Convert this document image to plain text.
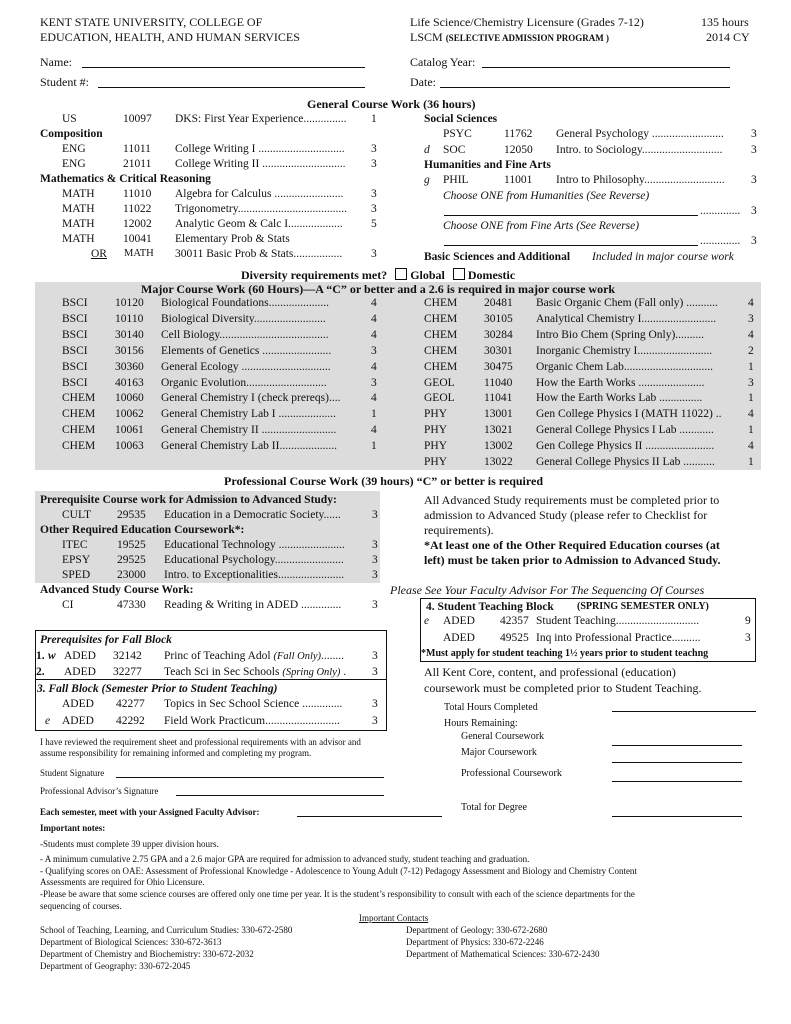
KENT STATE UNIVERSITY, COLLEGE OF
EDUCATION, HEALTH, AND HUMAN SERVICES
Life Science/Chemistry Licensure (Grades 7-12)
LSCM (SELECTIVE ADMISSION PROGRAM )
135 hours
2014 CY
Name:
Student #:
Catalog Year:
Date:
General Course Work (36 hours)
US	10097 DKS: First Year Experience............... 1
Composition
ENG	11011 College Writing I .............................. 3
ENG	21011 College Writing II ............................. 3
Mathematics & Critical Reasoning
MATH 11010 Algebra for Calculus ........................ 3
MATH 11022 Trigonometry...................................... 3
MATH 12002 Analytic Geom & Calc I................... 5
MATH 10041 Elementary Prob & Stats
OR MATH 30011 Basic Prob & Stats................. 3
Social Sciences
PSYC	11762 General Psychology ......................... 3
d SOC	12050 Intro. to Sociology............................ 3
Humanities and Fine Arts
g PHIL	11001 Intro to Philosophy............................ 3
Choose ONE from Humanities (See Reverse)
.............. 3
Choose ONE from Fine Arts (See Reverse)
.............. 3
Basic Sciences and Additional Included in major course work
Diversity requirements met? Global Domestic
Major Course Work (60 Hours)—A “C” or better and a 2.6 is required in major course work
BSCI 10120 Biological Foundations.....................	4
BSCI 10110 Biological Diversity.........................	4
BSCI 30140 Cell Biology......................................	4
BSCI 30156 Elements of Genetics ........................	3
BSCI 30360 General Ecology ...............................	4
BSCI 40163 Organic Evolution............................	3
CHEM 10060 General Chemistry I (check prereqs)....	4
CHEM 10062 General Chemistry Lab I ....................	1
CHEM 10061 General Chemistry II ..........................	4
CHEM 10063 General Chemistry Lab II....................	1
CHEM 20481 Basic Organic Chem (Fall only) ...........	4
CHEM 30105 Analytical Chemistry I..........................	3
CHEM 30284 Intro Bio Chem (Spring Only)..........	4
CHEM 30301 Inorganic Chemistry I..........................	2
CHEM 30475 Organic Chem Lab...............................	1
GEOL	11040 How the Earth Works .......................	3
GEOL	11041 How the Earth Works Lab ...............	1
PHY	13001 Gen College Physics I (MATH 11022) .. 4
PHY	13021 General College Physics I Lab ............	1
PHY	13002 Gen College Physics II ........................	4
PHY	13022 General College Physics II Lab ...........	1
Professional Course Work (39 hours) “C” or better is required
Prerequisite Course work for Admission to Advanced Study:
CULT 29535 Education in a Democratic Society......	3
Other Required Education Coursework*:
ITEC	19525 Educational Technology ....................... 3
EPSY 29525 Educational Psychology........................ 3
SPED 23000 Intro. to Exceptionalities....................... 3
Advanced Study Course Work:
CI	47330 Reading & Writing in ADED ..............	3
All Advanced Study requirements must be completed prior to
admission to Advanced Study (please refer to Checklist for
requirements).
*At least one of the Other Required Education courses (at
left) must be taken prior to Admission to Advanced Study.
Please See Your Faculty Advisor For The Sequencing Of Courses
Prerequisites for Fall Block
1. w ADED 32142 Princ of Teaching Adol (Fall Only)........ 3
2. ADED 32277 Teach Sci in Sec Schools (Spring Only) . 3
3. Fall Block (Semester Prior to Student Teaching)
ADED 42277 Topics in Sec School Science ..............	3
e ADED 42292 Field Work Practicum..........................	3
4. Student Teaching Block (SPRING SEMESTER ONLY)
e ADED 42357 Student Teaching.............................	9
ADED 49525 Inq into Professional Practice..........	3
*Must apply for student teaching 1½ years prior to student teachng
All Kent Core, content, and professional (education)
coursework must be completed prior to Student Teaching.
Total Hours Completed
Hours Remaining:
General Coursework
Major Coursework
Professional Coursework
Total for Degree
I have reviewed the requirement sheet and professional requirements with an advisor and
assume responsibility for remaining informed and completing my program.
Student Signature
Professional Advisor’s Signature
Each semester, meet with your Assigned Faculty Advisor:
Important notes:
-Students must complete 39 upper division hours.
- A minimum cumulative 2.75 GPA and a 2.6 major GPA are required for admission to advanced study, student teaching and graduation.
- Qualifying scores on OAE: Assessment of Professional Knowledge - Adolescence to Young Adult (7-12) Pedagogy Assessment and Biology and Chemistry Content
Assessments are required for Ohio Licensure.
-Please be aware that some science courses are offered only one time per year. It is the student’s responsibility to consult with each of the science departments for the
sequencing of courses.
Important Contacts
School of Teaching, Learning, and Curriculum Studies: 330-672-2580
Department of Biological Sciences: 330-672-3613
Department of Chemistry and Biochemistry: 330-672-2032
Department of Geography: 330-672-2045
Department of Geology: 330-672-2680
Department of Physics: 330-672-2246
Department of Mathematical Sciences: 330-672-2430
